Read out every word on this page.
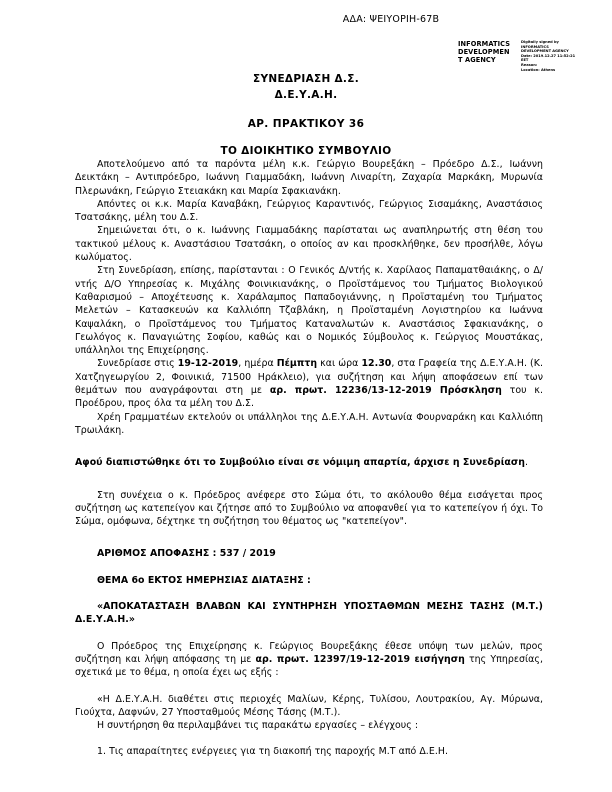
ΑΔΑ: ΨΕΙΥΟΡΙΗ-67Β
INFORMATICS
DEVELOPMEN
T AGENCY
Digitally signed by
INFORMATICS
DEVELOPMENT AGENCY
Date: 2019.12.27 11:52:21
EET
Reason:
Location: Athens
ΣΥΝΕΔΡΙΑΣΗ Δ.Σ.
Δ.Ε.Υ.Α.Η.
ΑΡ. ΠΡΑΚΤΙΚΟΥ 36
ΤΟ ΔΙΟΙΚΗΤΙΚΟ ΣΥΜΒΟΥΛΙΟ

Αποτελούμενο από τα παρόντα μέλη κ.κ. Γεώργιο Βουρεξάκη – Πρόεδρο Δ.Σ., Ιωάννη Δεικτάκη – Αντιπρόεδρο, Ιωάννη Γιαμμαδάκη, Ιωάννη Λιναρίτη, Ζαχαρία Μαρκάκη, Μυρωνία Πλερωνάκη, Γεώργιο Στειακάκη και Μαρία Σφακιανάκη.

Απόντες οι κ.κ. Μαρία Καναβάκη, Γεώργιος Καραντινός, Γεώργιος Σισαμάκης, Αναστάσιος Τσατσάκης, μέλη του Δ.Σ.

Σημειώνεται ότι, ο κ. Ιωάννης Γιαμμαδάκης παρίσταται ως αναπληρωτής στη θέση του τακτικού μέλους κ. Αναστάσιου Τσατσάκη, ο οποίος αν και προσκλήθηκε, δεν προσήλθε, λόγω κωλύματος.

Στη Συνεδρίαση, επίσης, παρίστανται : Ο Γενικός Δ/ντής κ. Χαρίλαος Παπαματθαιάκης, ο Δ/ντής Δ/Ο Υπηρεσίας κ. Μιχάλης Φοινικιανάκης, ο Προϊστάμενος του Τμήματος Βιολογικού Καθαρισμού – Αποχέτευσης κ. Χαράλαμπος Παπαδογιάννης, η Προϊσταμένη του Τμήματος Μελετών – Κατασκευών κα Καλλιόπη Τζαβλάκη, η Προϊσταμένη Λογιστηρίου κα Ιωάννα Καψαλάκη, ο Προϊστάμενος του Τμήματος Καταναλωτών κ. Αναστάσιος Σφακιανάκης, ο Γεωλόγος κ. Παναγιώτης Σοφίου, καθώς και ο Νομικός Σύμβουλος κ. Γεώργιος Μουστάκας, υπάλληλοι της Επιχείρησης.

Συνεδρίασε στις 19-12-2019, ημέρα Πέμπτη και ώρα 12.30, στα Γραφεία της Δ.Ε.Υ.Α.Η. (Κ. Χατζηγεωργίου 2, Φοινικιά, 71500 Ηράκλειο), για συζήτηση και λήψη αποφάσεων επί των θεμάτων που αναγράφονται στη με αρ. πρωτ. 12236/13-12-2019 Πρόσκληση του κ. Προέδρου, προς όλα τα μέλη του Δ.Σ.

Χρέη Γραμματέων εκτελούν οι υπάλληλοι της Δ.Ε.Υ.Α.Η. Αντωνία Φουρναράκη και Καλλιόπη Τρωιλάκη.

Αφού διαπιστώθηκε ότι το Συμβούλιο είναι σε νόμιμη απαρτία, άρχισε η Συνεδρίαση.

Στη συνέχεια ο κ. Πρόεδρος ανέφερε στο Σώμα ότι, το ακόλουθο θέμα εισάγεται προς συζήτηση ως κατεπείγον και ζήτησε από το Συμβούλιο να αποφανθεί για το κατεπείγον ή όχι. Το Σώμα, ομόφωνα, δέχτηκε τη συζήτηση του θέματος ως "κατεπείγον".

ΑΡΙΘΜΟΣ ΑΠΟΦΑΣΗΣ : 537 / 2019

ΘΕΜΑ 6ο ΕΚΤΟΣ ΗΜΕΡΗΣΙΑΣ ΔΙΑΤΑΞΗΣ :

«ΑΠΟΚΑΤΑΣΤΑΣΗ ΒΛΑΒΩΝ ΚΑΙ ΣΥΝΤΗΡΗΣΗ ΥΠΟΣΤΑΘΜΩΝ ΜΕΣΗΣ ΤΑΣΗΣ (Μ.Τ.) Δ.Ε.Υ.Α.Η.»

Ο Πρόεδρος της Επιχείρησης κ. Γεώργιος Βουρεξάκης έθεσε υπόψη των μελών, προς συζήτηση και λήψη απόφασης τη με αρ. πρωτ. 12397/19-12-2019 εισήγηση της Υπηρεσίας, σχετικά με το θέμα, η οποία έχει ως εξής :

«Η Δ.Ε.Υ.Α.Η. διαθέτει στις περιοχές Μαλίων, Κέρης, Τυλίσου, Λουτρακίου, Αγ. Μύρωνα, Γιούχτα, Δαφνών, 27 Υποσταθμούς Μέσης Τάσης (Μ.Τ.).

Η συντήρηση θα περιλαμβάνει τις παρακάτω εργασίες – ελέγχους :

1. Τις απαραίτητες ενέργειες για τη διακοπή της παροχής Μ.Τ από Δ.Ε.Η.
